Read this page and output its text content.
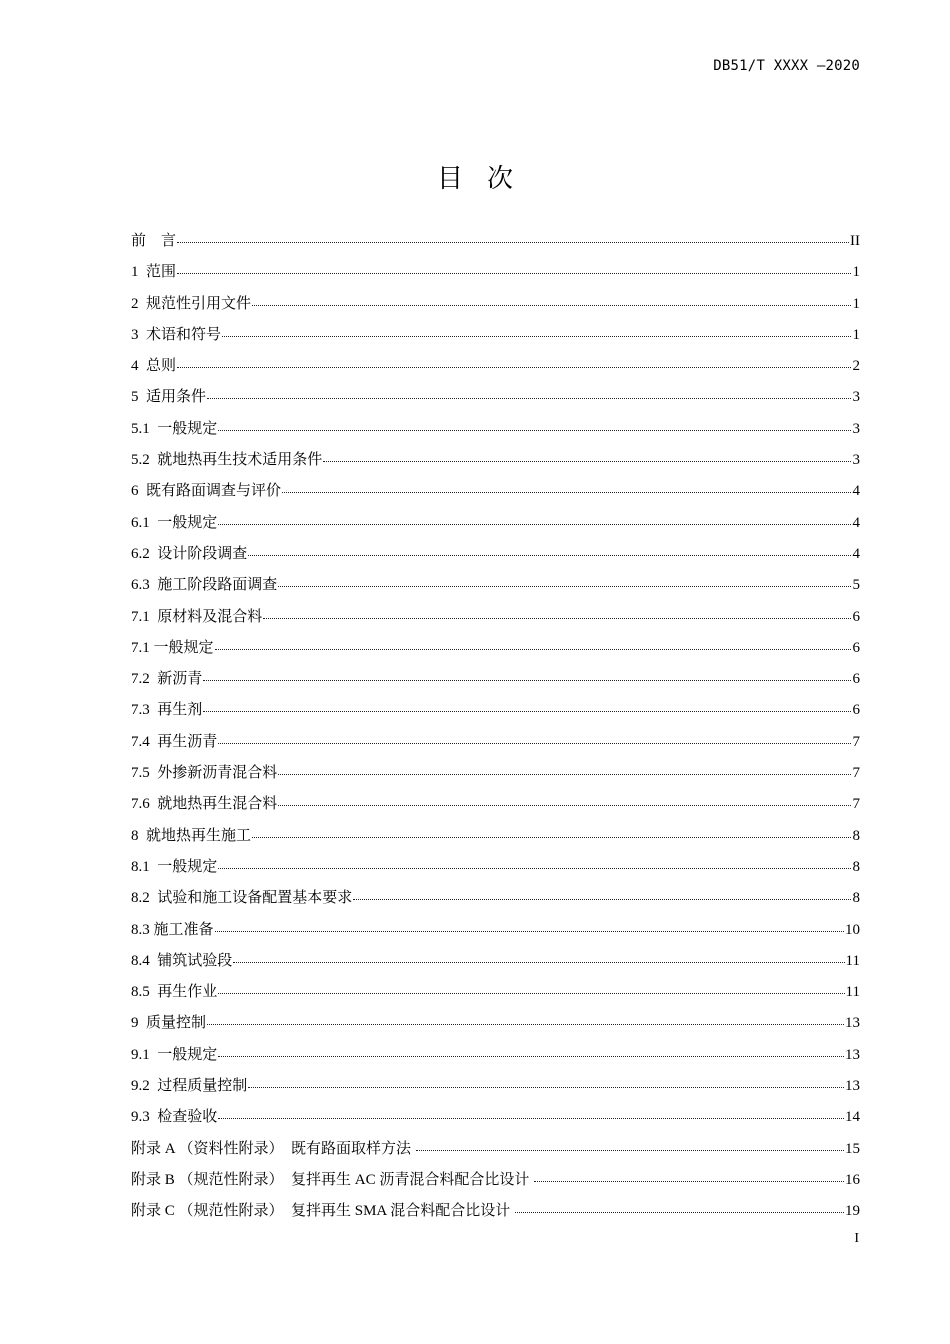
DB51/T XXXX —2020
目次
前　言	II
1  范围	1
2  规范性引用文件	1
3  术语和符号	1
4  总则	2
5  适用条件	3
5.1  一般规定	3
5.2  就地热再生技术适用条件	3
6  既有路面调查与评价	4
6.1  一般规定	4
6.2  设计阶段调查	4
6.3  施工阶段路面调查	5
7.1  原材料及混合料	6
7.1 一般规定	6
7.2  新沥青	6
7.3  再生剂	6
7.4  再生沥青	7
7.5  外掺新沥青混合料	7
7.6  就地热再生混合料	7
8  就地热再生施工	8
8.1  一般规定	8
8.2  试验和施工设备配置基本要求	8
8.3 施工准备	10
8.4  铺筑试验段	11
8.5  再生作业	11
9  质量控制	13
9.1  一般规定	13
9.2  过程质量控制	13
9.3  检查验收	14
附录 A （资料性附录）  既有路面取样方法	15
附录 B （规范性附录）  复拌再生 AC 沥青混合料配合比设计	16
附录 C （规范性附录）  复拌再生 SMA 混合料配合比设计	19
I
